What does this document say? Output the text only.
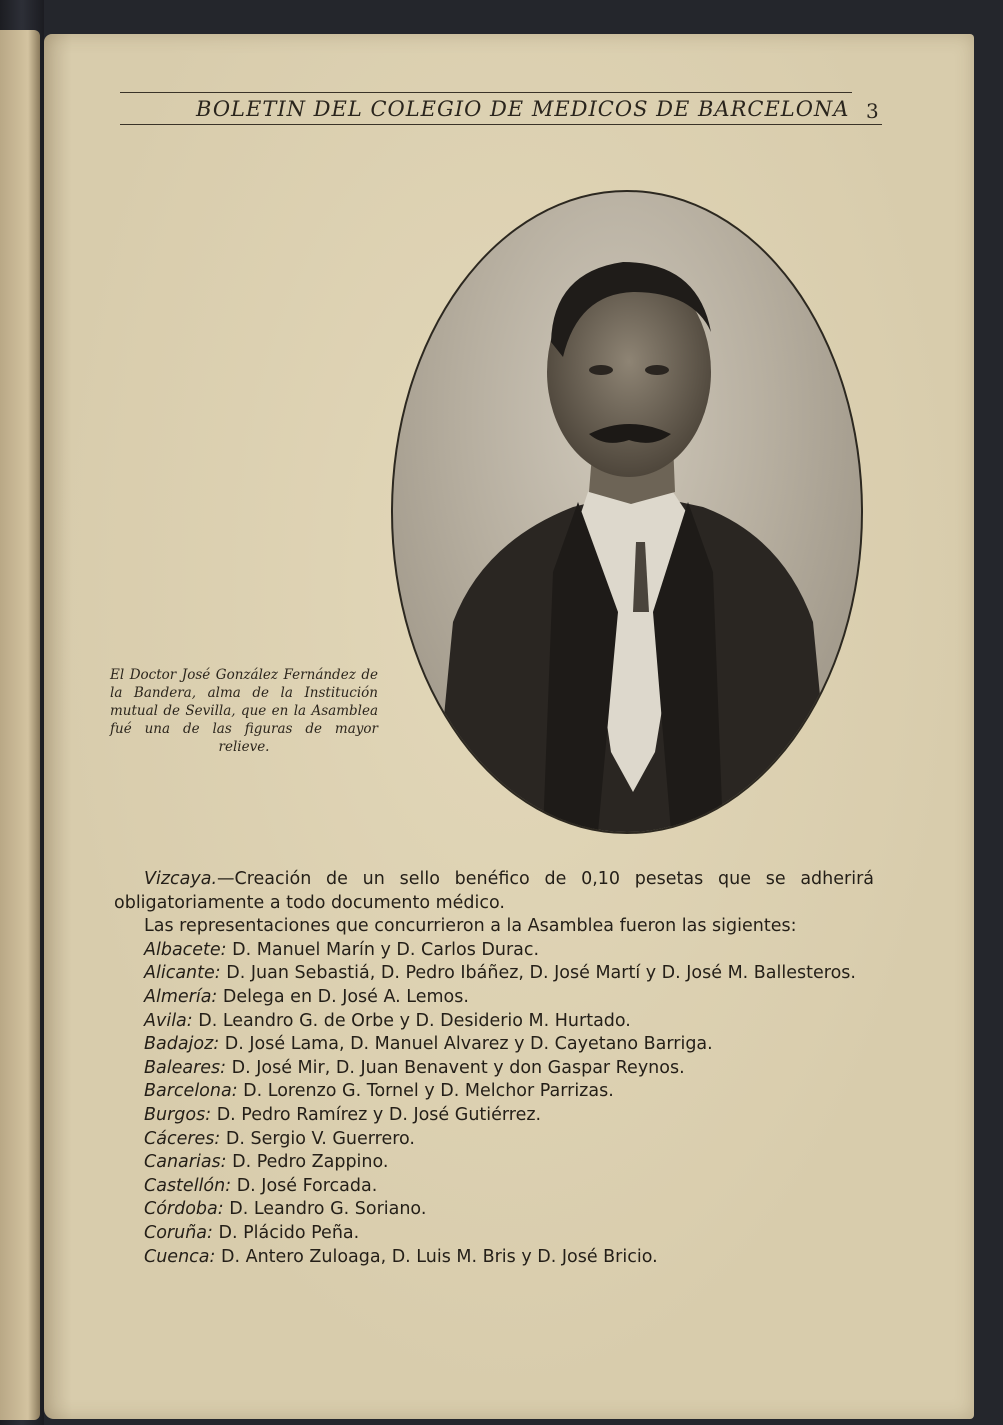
BOLETIN DEL COLEGIO DE MEDICOS DE BARCELONA 3
El Doctor José González Fernández de la Bandera, alma de la Institución mutual de Sevilla, que en la Asamblea fué una de las figuras de mayor relieve.

Vizcaya.—Creación de un sello benéfico de 0,10 pesetas que se adherirá obligatoriamente a todo documento médico.

Las representaciones que concurrieron a la Asamblea fueron las sigientes:

Albacete: D. Manuel Marín y D. Carlos Durac.

Alicante: D. Juan Sebastiá, D. Pedro Ibáñez, D. José Martí y D. José M. Ballesteros.

Almería: Delega en D. José A. Lemos.

Avila: D. Leandro G. de Orbe y D. Desiderio M. Hurtado.

Badajoz: D. José Lama, D. Manuel Alvarez y D. Cayetano Barriga.

Baleares: D. José Mir, D. Juan Benavent y don Gaspar Reynos.

Barcelona: D. Lorenzo G. Tornel y D. Melchor Parrizas.

Burgos: D. Pedro Ramírez y D. José Gutiérrez.

Cáceres: D. Sergio V. Guerrero.

Canarias: D. Pedro Zappino.

Castellón: D. José Forcada.

Córdoba: D. Leandro G. Soriano.

Coruña: D. Plácido Peña.

Cuenca: D. Antero Zuloaga, D. Luis M. Bris y D. José Bricio.
